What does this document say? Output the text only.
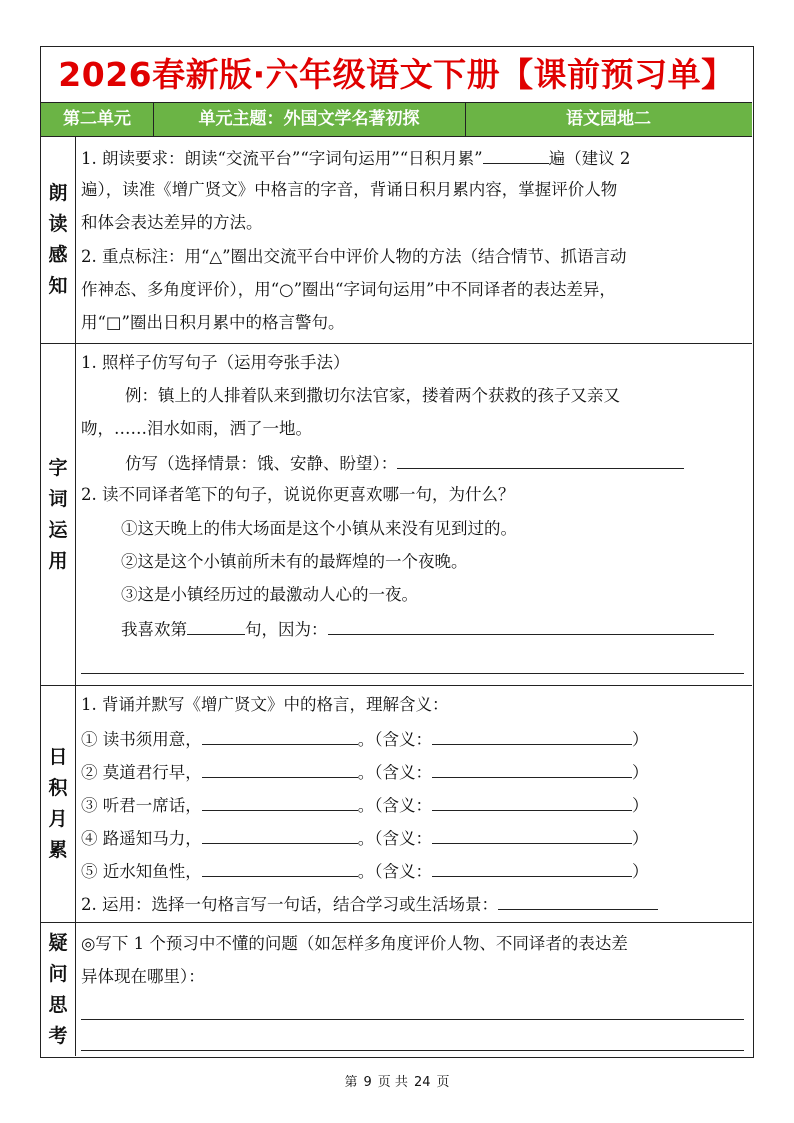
2026春新版·六年级语文下册【课前预习单】
第二单元	单元主题：外国文学名著初探	语文园地二
朗
读
感
知
1. 朗读要求：朗读“交流平台”“字词句运用”“日积月累”	遍（建议 2
遍），读准《增广贤文》中格言的字音，背诵日积月累内容，掌握评价人物
和体会表达差异的方法。
2. 重点标注：用“△”圈出交流平台中评价人物的方法（结合情节、抓语言动
作神态、多角度评价），用“○”圈出“字词句运用”中不同译者的表达差异，
用“□”圈出日积月累中的格言警句。
字
词
运
用
1. 照样子仿写句子（运用夸张手法）
例：镇上的人排着队来到撒切尔法官家，搂着两个获救的孩子又亲又
吻，……泪水如雨，洒了一地。
仿写（选择情景：饿、安静、盼望）：
2. 读不同译者笔下的句子，说说你更喜欢哪一句，为什么？
①这天晚上的伟大场面是这个小镇从来没有见到过的。
②这是这个小镇前所未有的最辉煌的一个夜晚。
③这是小镇经历过的最激动人心的一夜。
我喜欢第	句，因为：
日
积
月
累
1. 背诵并默写《增广贤文》中的格言，理解含义：
① 读书须用意，	。（含义：	）
② 莫道君行早，	。（含义：	）
③ 听君一席话，	。（含义：	）
④ 路遥知马力，	。（含义：	）
⑤ 近水知鱼性，	。（含义：	）
2. 运用：选择一句格言写一句话，结合学习或生活场景：
疑
问
思
考
◎写下 1 个预习中不懂的问题（如怎样多角度评价人物、不同译者的表达差
异体现在哪里）：
第 9 页 共 24 页
